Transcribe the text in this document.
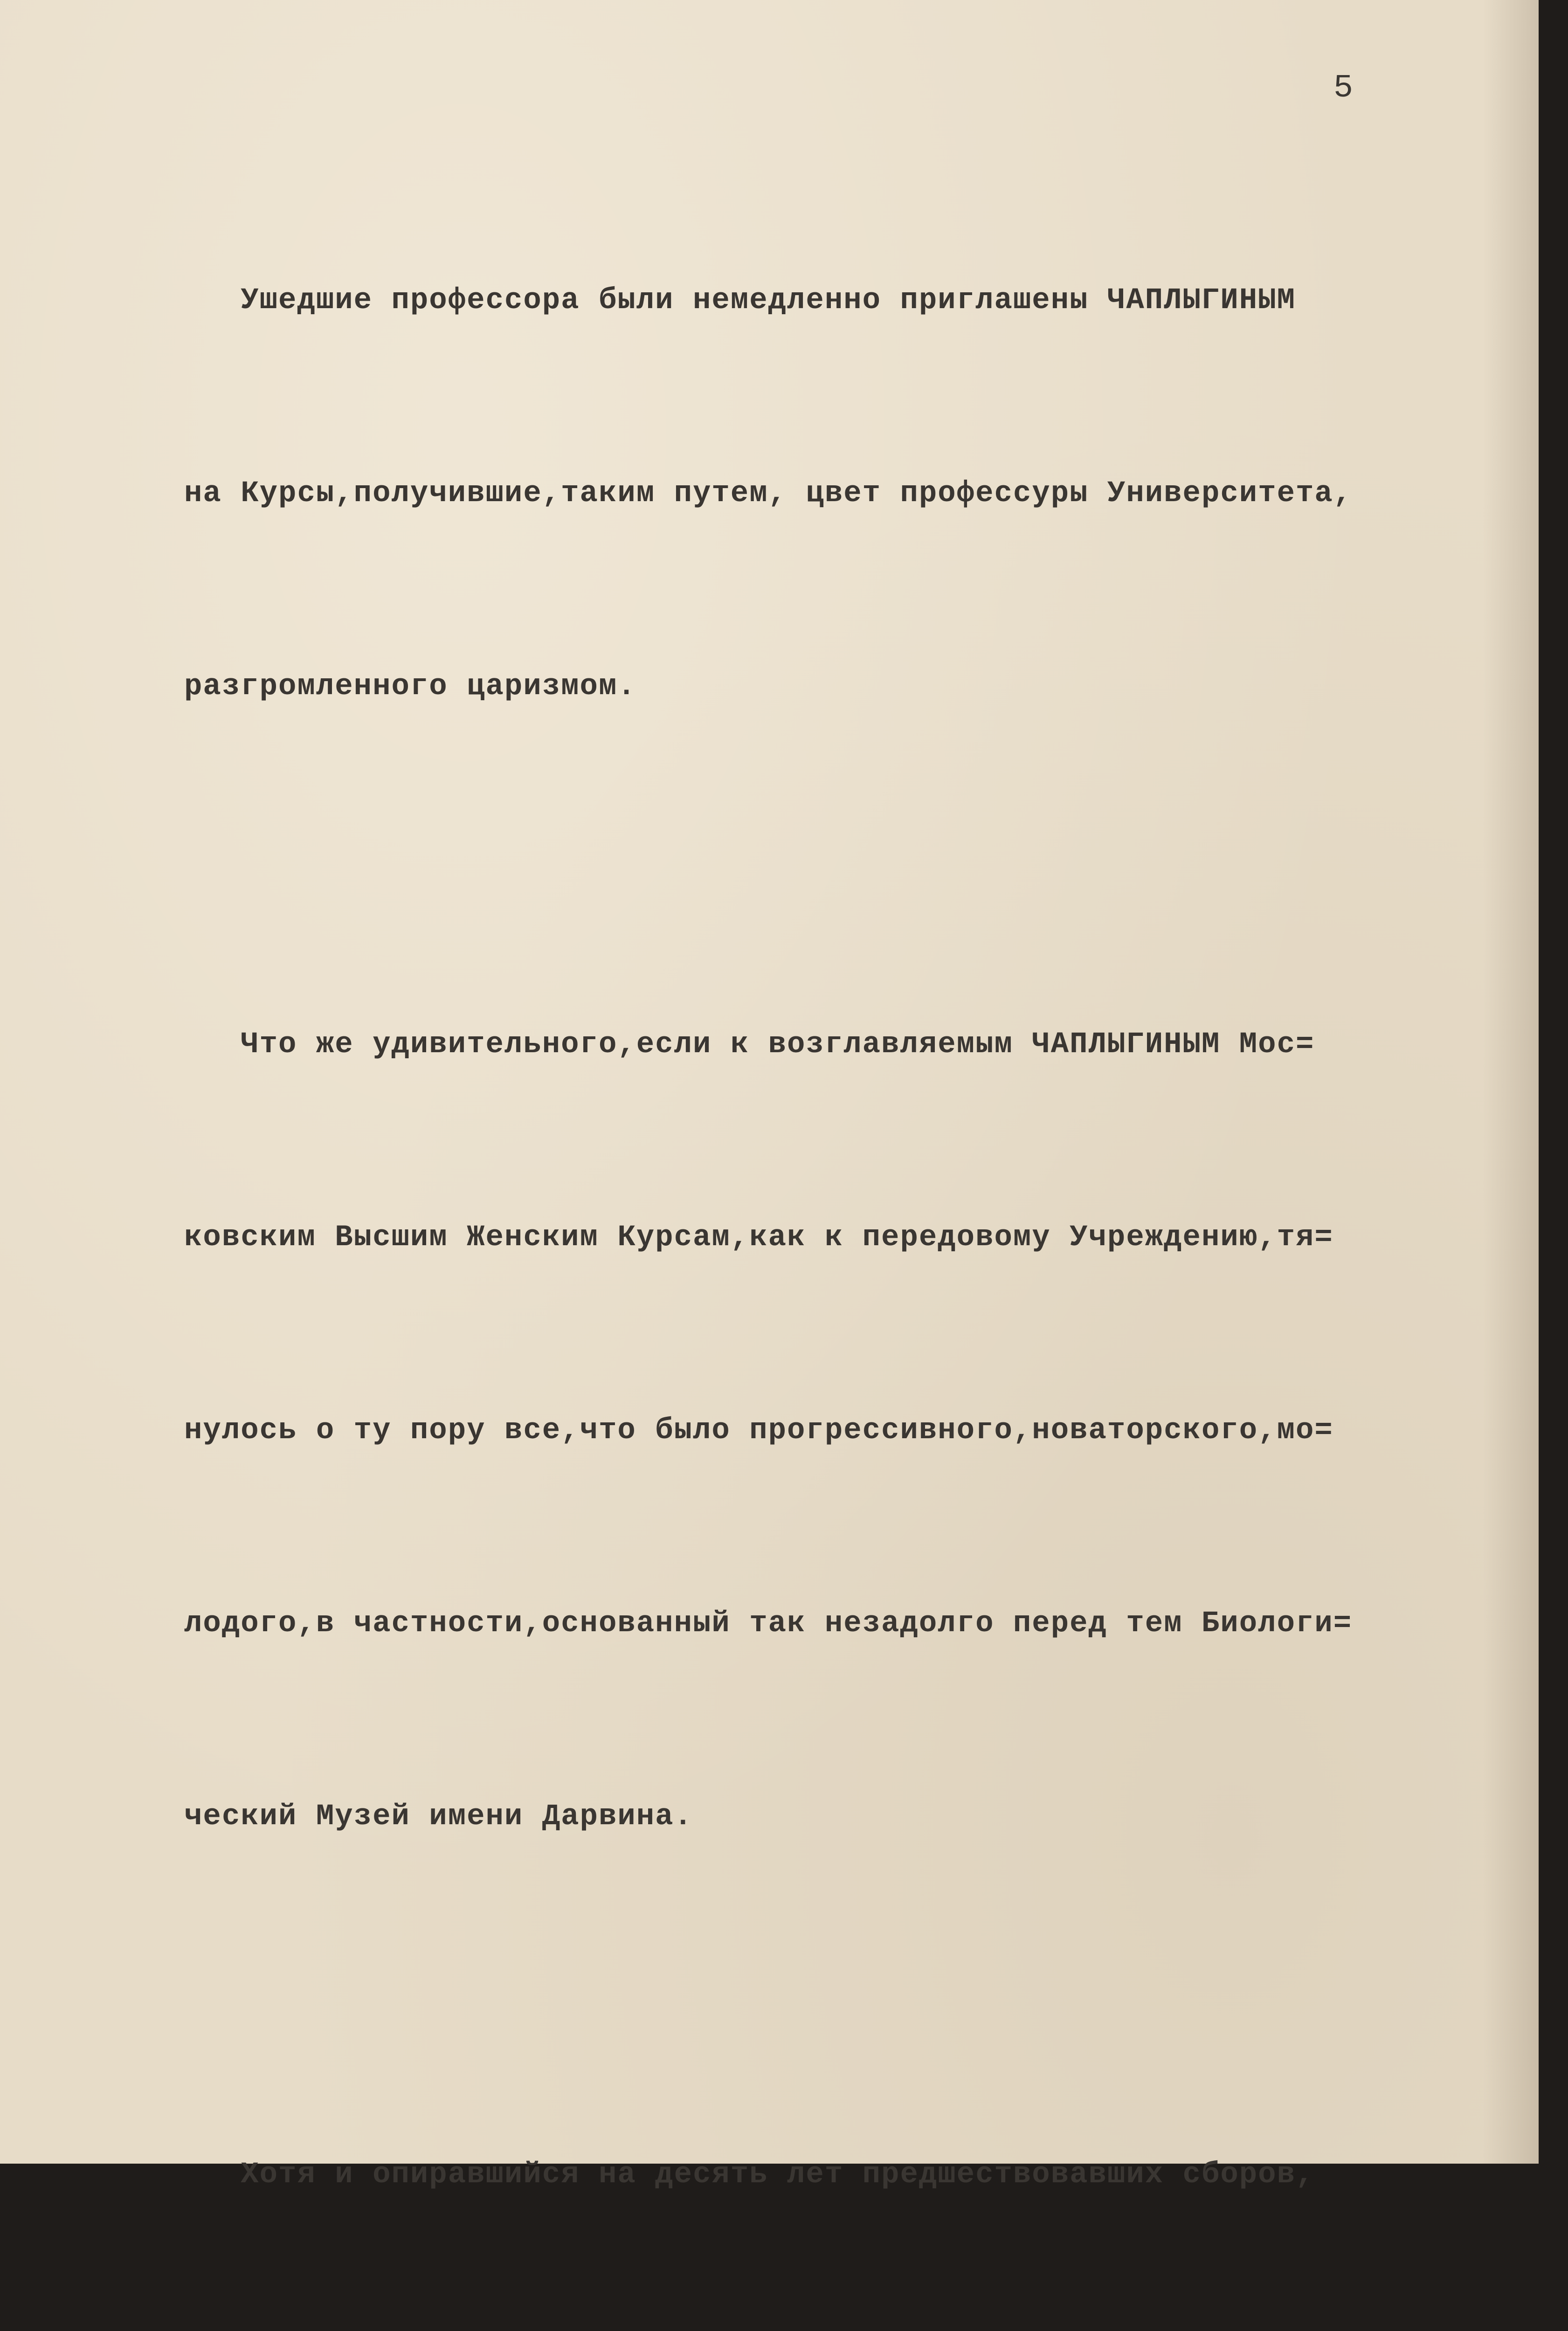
5

Ушедшие профессора были немедленно приглашены ЧАПЛЫГИНЫМ

на Курсы,получившие,таким путем, цвет профессуры Университета,

разгромленного царизмом.

Что же удивительного,если к возглавляемым ЧАПЛЫГИНЫМ Мос=

ковским Высшим Женским Курсам,как к передовому Учреждению,тя=

нулось о ту пору все,что было прогрессивного,новаторского,мо=

лодого,в частности,основанный так незадолго перед тем Биологи=

ческий Музей имени Дарвина.

Хотя и опиравшийся на десять лет предшествовавших сборов,
